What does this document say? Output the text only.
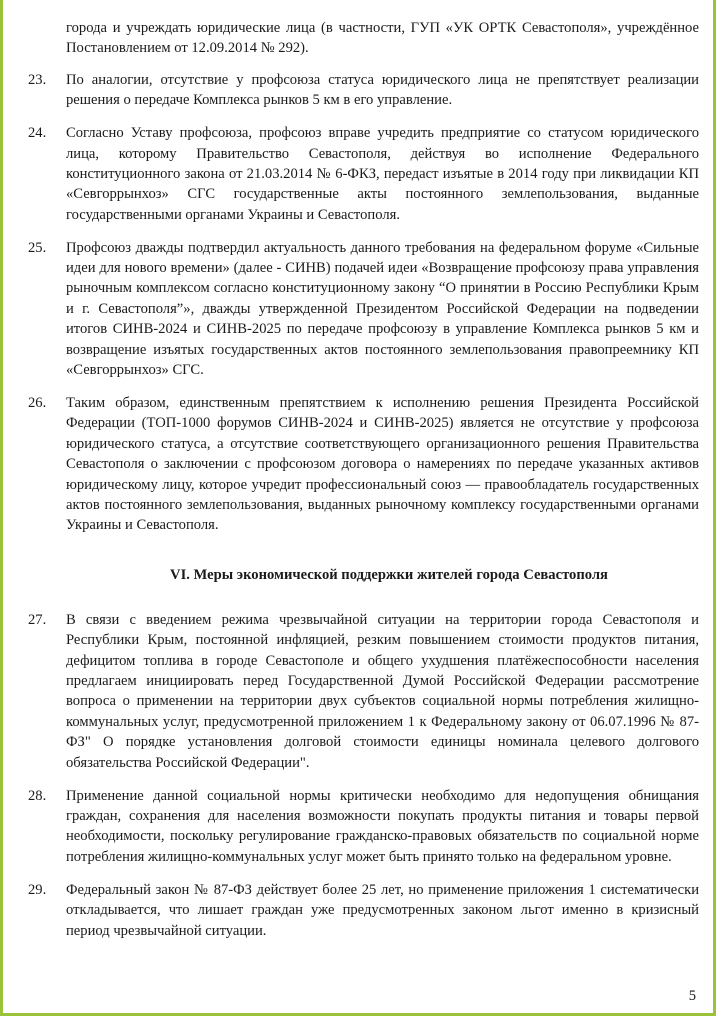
города и учреждать юридические лица (в частности, ГУП «УК ОРТК Севастополя», учреждённое Постановлением от 12.09.2014 № 292).

23. По аналогии, отсутствие у профсоюза статуса юридического лица не препятствует реализации решения о передаче Комплекса рынков 5 км в его управление.
24. Согласно Уставу профсоюза, профсоюз вправе учредить предприятие со статусом юридического лица, которому Правительство Севастополя, действуя во исполнение Федерального конституционного закона от 21.03.2014 № 6-ФКЗ, передаст изъятые в 2014 году при ликвидации КП «Севгоррынхоз» СГС государственные акты постоянного землепользования, выданные государственными органами Украины и Севастополя.
25. Профсоюз дважды подтвердил актуальность данного требования на федеральном форуме «Сильные идеи для нового времени» (далее - СИНВ) подачей идеи «Возвращение профсоюзу права управления рыночным комплексом согласно конституционному закону “О принятии в Россию Республики Крым и г. Севастополя”», дважды утвержденной Президентом Российской Федерации на подведении итогов СИНВ-2024 и СИНВ-2025 по передаче профсоюзу в управление Комплекса рынков 5 км и возвращение изъятых государственных актов постоянного землепользования правопреемнику КП «Севгоррынхоз» СГС.
26. Таким образом, единственным препятствием к исполнению решения Президента Российской Федерации (ТОП-1000 форумов СИНВ-2024 и СИНВ-2025) является не отсутствие у профсоюза юридического статуса, а отсутствие соответствующего организационного решения Правительства Севастополя о заключении с профсоюзом договора о намерениях по передаче указанных активов юридическому лицу, которое учредит профессиональный союз — правообладатель государственных актов постоянного землепользования, выданных рыночному комплексу государственными органами Украины и Севастополя.
VI. Меры экономической поддержки жителей города Севастополя
27. В связи с введением режима чрезвычайной ситуации на территории города Севастополя и Республики Крым, постоянной инфляцией, резким повышением стоимости продуктов питания, дефицитом топлива в городе Севастополе и общего ухудшения платёжеспособности населения предлагаем инициировать перед Государственной Думой Российской Федерации рассмотрение вопроса о применении на территории двух субъектов социальной нормы потребления жилищно-коммунальных услуг, предусмотренной приложением 1 к Федеральному закону от 06.07.1996 № 87-ФЗ" О порядке установления долговой стоимости единицы номинала целевого долгового обязательства Российской Федерации".
28. Применение данной социальной нормы критически необходимо для недопущения обнищания граждан, сохранения для населения возможности покупать продукты питания и товары первой необходимости, поскольку регулирование гражданско-правовых обязательств по социальной норме потребления жилищно-коммунальных услуг может быть принято только на федеральном уровне.
29. Федеральный закон № 87-ФЗ действует более 25 лет, но применение приложения 1 систематически откладывается, что лишает граждан уже предусмотренных законом льгот именно в кризисный период чрезвычайной ситуации.
5
